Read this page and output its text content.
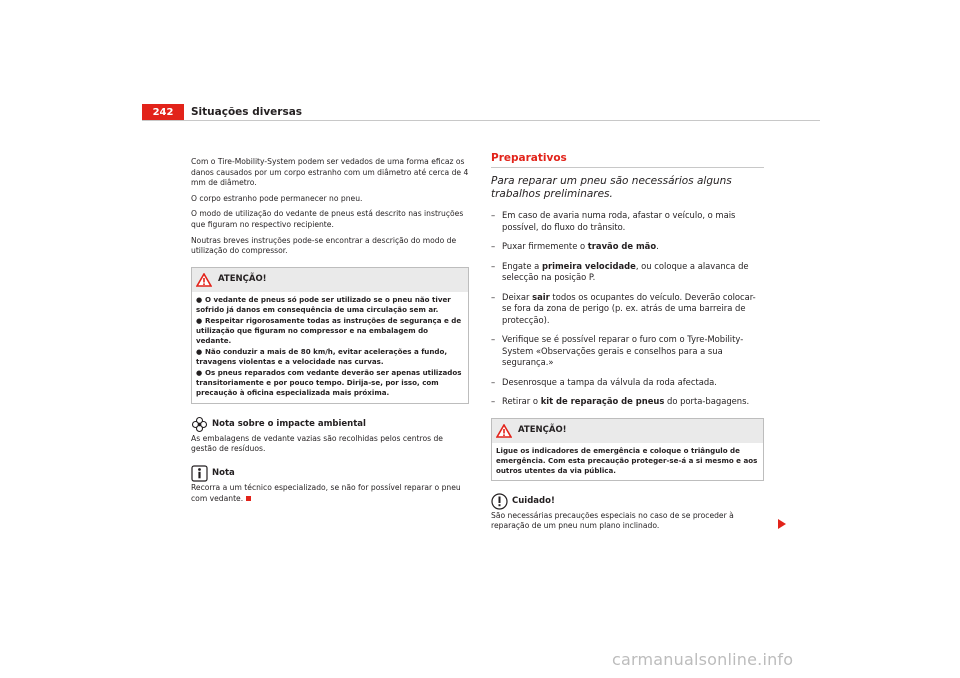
242	Situações diversas

Com o Tire-Mobility-System podem ser vedados de uma forma eficaz os danos causados por um corpo estranho com um diâmetro até cerca de 4 mm de diâmetro.

O corpo estranho pode permanecer no pneu.

O modo de utilização do vedante de pneus está descrito nas instruções que figuram no respectivo recipiente.

Noutras breves instruções pode-se encontrar a descrição do modo de utilização do compressor.

ATENÇÃO!
● O vedante de pneus só pode ser utilizado se o pneu não tiver sofrido já danos em consequência de uma circulação sem ar.
● Respeitar rigorosamente todas as instruções de segurança e de utilização que figuram no compressor e na embalagem do vedante.
● Não conduzir a mais de 80 km/h, evitar acelerações a fundo, travagens violentas e a velocidade nas curvas.
● Os pneus reparados com vedante deverão ser apenas utilizados transitoriamente e por pouco tempo. Dirija-se, por isso, com precaução à oficina especializada mais próxima.
Nota sobre o impacte ambiental
As embalagens de vedante vazias são recolhidas pelos centros de gestão de resíduos.
Nota
Recorra a um técnico especializado, se não for possível reparar o pneu com vedante.
Preparativos
Para reparar um pneu são necessários alguns trabalhos preliminares.
– Em caso de avaria numa roda, afastar o veículo, o mais possível, do fluxo do trânsito.
– Puxar firmemente o travão de mão.
– Engate a primeira velocidade, ou coloque a alavanca de selecção na posição P.
– Deixar sair todos os ocupantes do veículo. Deverão colocar-se fora da zona de perigo (p. ex. atrás de uma barreira de protecção).
– Verifique se é possível reparar o furo com o Tyre-Mobility-System «Observações gerais e conselhos para a sua segurança.»
– Desenrosque a tampa da válvula da roda afectada.
– Retirar o kit de reparação de pneus do porta-bagagens.
ATENÇÃO!
Ligue os indicadores de emergência e coloque o triângulo de emergência. Com esta precaução proteger-se-á a si mesmo e aos outros utentes da via pública.
Cuidado!
São necessárias precauções especiais no caso de se proceder à reparação de um pneu num plano inclinado.
carmanualsonline.info
